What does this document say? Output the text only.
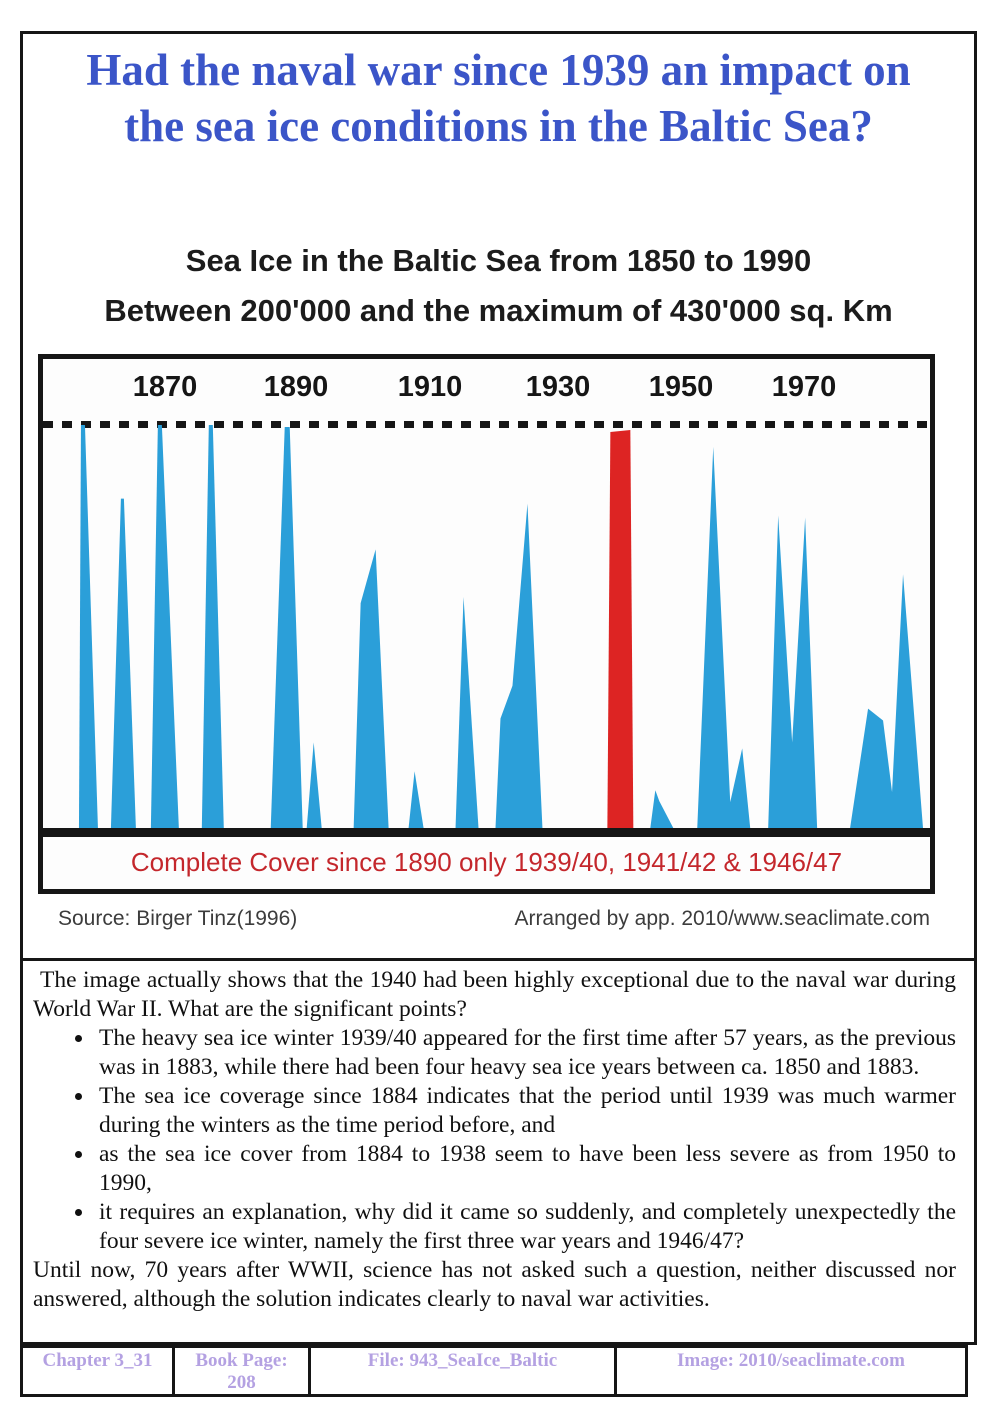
Had the naval war since 1939 an impact on the sea ice conditions in the Baltic Sea?
Sea Ice in the Baltic Sea from 1850 to 1990
Between 200'000 and the maximum of 430'000 sq. Km
1870 1890 1910 1930 1950 1970
Complete Cover since 1890 only 1939/40, 1941/42 & 1946/47
Source: Birger Tinz(1996)	Arranged by app. 2010/www.seaclimate.com

The image actually shows that the 1940 had been highly exceptional due to the naval war during World War II. What are the significant points?

• The heavy sea ice winter 1939/40 appeared for the first time after 57 years, as the previous was in 1883, while there had been four heavy sea ice years between ca. 1850 and 1883.
• The sea ice coverage since 1884 indicates that the period until 1939 was much warmer during the winters as the time period before, and
• as the sea ice cover from 1884 to 1938 seem to have been less severe as from 1950 to 1990,
• it requires an explanation, why did it came so suddenly, and completely unexpectedly the four severe ice winter, namely the first three war years and 1946/47?

Until now, 70 years after WWII, science has not asked such a question, neither discussed nor answered, although the solution indicates clearly to naval war activities.

Chapter 3_31	Book Page: 208	File: 943_SeaIce_Baltic	Image: 2010/seaclimate.com
